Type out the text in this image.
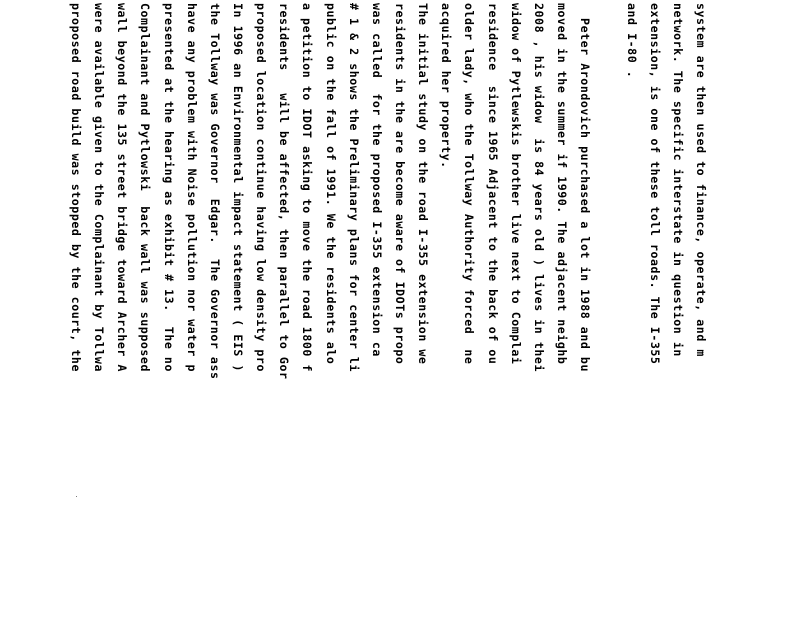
system are then used to finance, operate, and m
network. The specific interstate in question in
extension, is one of these toll roads. The I-355
and I-80 .
Peter Arondovich purchased a lot in 1988 and bu
moved in the summer if 1990. The adjacent neighb
2008 , his widow  is 84 years old ) lives in thei
widow of Pytlewskis brother live next to Complai
residence  since 1965 Adjacent to the back of ou
older lady, who the Tollway Authority forced  ne
acquired her property.
The initial study on the road I-355 extension we
residents in the are become aware of IDOTs propo
was called  for the proposed I-355 extension ca
# 1 & 2 shows the Preliminary plans for center li
public on the fall of 1991. We the residents alo
a petition to IDOT asking to move the road 1800 f
residents   will be affected, then parallel to Gor
proposed location continue having low density pro
In 1996 an Environmental impact statement ( EIS )
the Tollway was Governor  Edgar.  The Governor ass
have any problem with Noise pollution nor water p
presented at the hearing as exhibit # 13.  The no
Complainant and Pytlowski  back wall was supposed
wall beyond the 135 street bridge toward Archer A
were available given to the Complainant by Tollwa
proposed road build was stopped by the court, the
